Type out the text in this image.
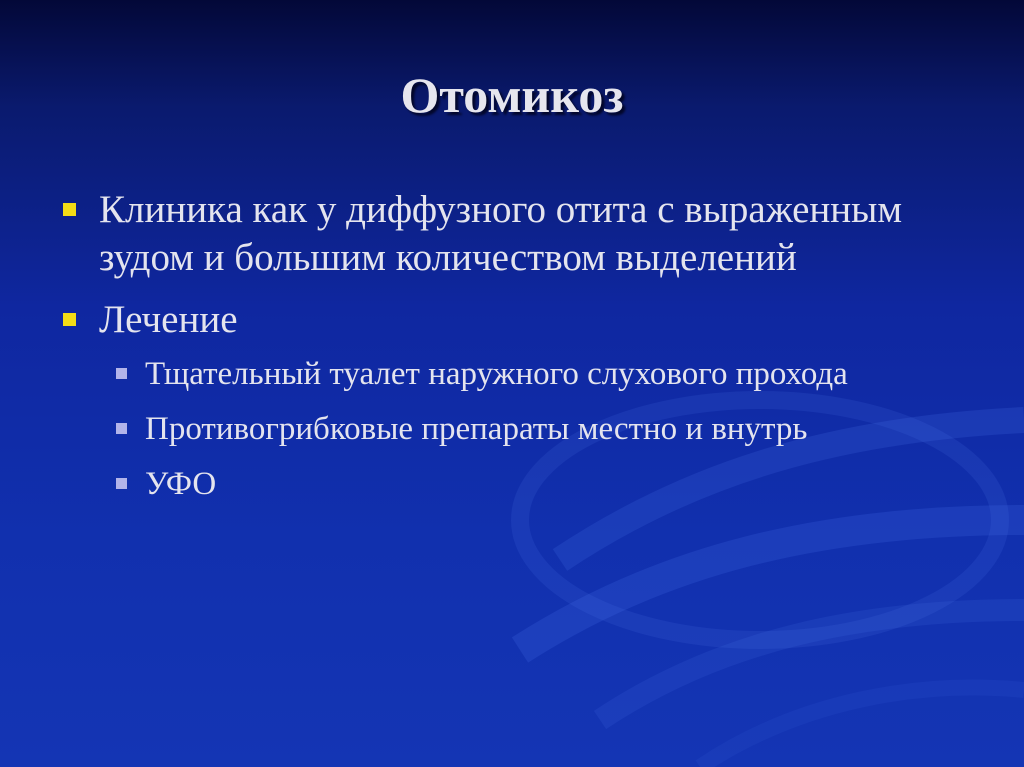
Отомикоз
Клиника как у диффузного отита с выраженным зудом и большим количеством выделений
Лечение
Тщательный туалет наружного слухового прохода
Противогрибковые препараты местно и внутрь
УФО
